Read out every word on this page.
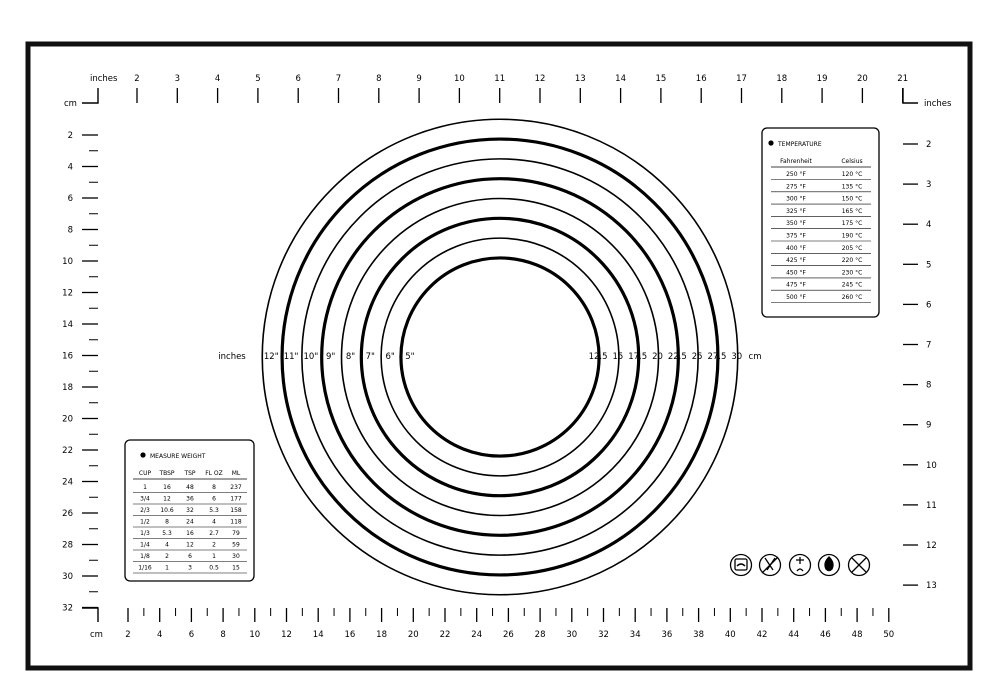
inches
inches
cm
cm
2	3	4	5	6	7	8	9	10	11	12	13	14	15	16	17	18	19	20	21
2
3
4
5
6
7
8
9
10
11
12
13
2
4
6
8
10
12
14
16
18
20
22
24
26
28
30
32
2	4	6	8	10 12 14 16 18 20 22 24 26 28 30 32 34 36 38 40 42 44 46 48 50
inches 12" 11" 10" 9" 8" 7" 6" 5"	12.5 15 17.5 20 22.5 25 27.5 30 cm
TEMPERATURE
Fahrenheit	Celsius
250 °F	120 °C
275 °F	135 °C
300 °F	150 °C
325 °F	165 °C
350 °F	175 °C
375 °F	190 °C
400 °F	205 °C
425 °F	220 °C
450 °F	230 °C
475 °F	245 °C
500 °F	260 °C
MEASURE WEIGHT
CUP TBSP TSP FL OZ ML
1	16	48	8 237
3/4 12	36	6 177
2/3 10.6 32	5.3 158
1/2	8	24	4 118
1/3 5.3 16	2.7 79
1/4	4	12	2	59
1/8	2	6	1	30
1/16 1	3	0.5 15
